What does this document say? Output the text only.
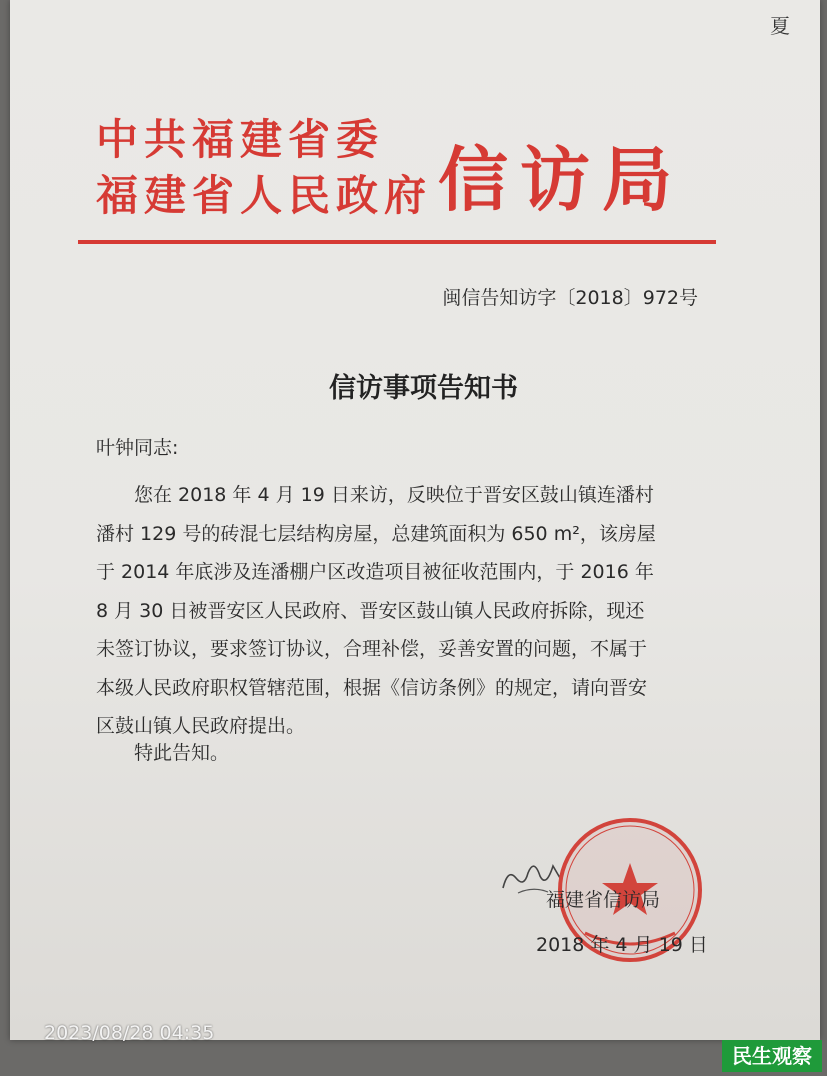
夏
中共福建省委
福建省人民政府 信访局
闽信告知访字〔2018〕972号
信访事项告知书
叶钟同志:
您在 2018 年 4 月 19 日来访，反映位于晋安区鼓山镇连潘村
潘村 129 号的砖混七层结构房屋，总建筑面积为 650 m²，该房屋
于 2014 年底涉及连潘棚户区改造项目被征收范围内，于 2016 年
8 月 30 日被晋安区人民政府、晋安区鼓山镇人民政府拆除，现还
未签订协议，要求签订协议，合理补偿，妥善安置的问题，不属于
本级人民政府职权管辖范围，根据《信访条例》的规定，请向晋安
区鼓山镇人民政府提出。
特此告知。
福建省信访局
2018 年 4 月 19 日
2023/08/28 04:35
民生观察
